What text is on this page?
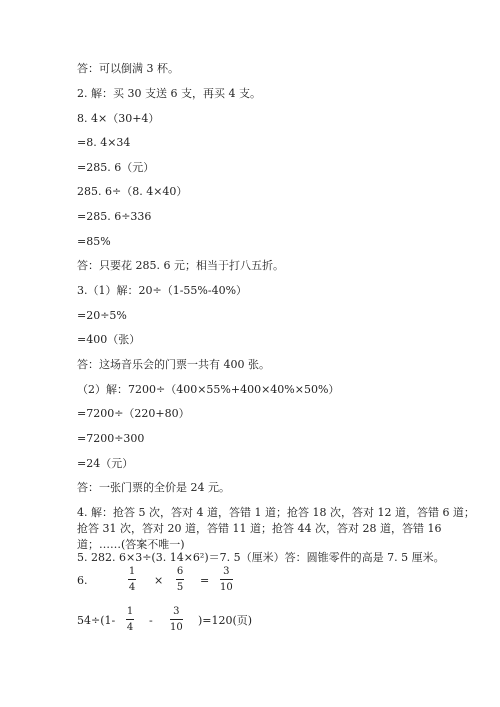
答：可以倒满 3 杯。
2. 解：买 30 支送 6 支，再买 4 支。
8. 4×（30+4）
=8. 4×34
=285. 6（元）
285. 6÷（8. 4×40）
=285. 6÷336
=85%
答：只要花 285. 6 元；相当于打八五折。
3.（1）解：20÷（1-55%-40%）
=20÷5%
=400（张）
答：这场音乐会的门票一共有 400 张。
（2）解：7200÷（400×55%+400×40%×50%）
=7200÷（220+80）
=7200÷300
=24（元）
答：一张门票的全价是 24 元。
4. 解：抢答 5 次，答对 4 道，答错 1 道；抢答 18 次，答对 12 道，答错 6 道；
抢答 31 次，答对 20 道，答错 11 道；抢答 44 次，答对 28 道，答错 16
道；……(答案不唯一)
5. 282. 6×3÷(3. 14×6²)＝7. 5（厘米）答：圆锥零件的高是 7. 5 厘米。
6.
1
4
×
6
5
=
3
10
54÷(1-
1
4
-
3
10
)=120(页)
